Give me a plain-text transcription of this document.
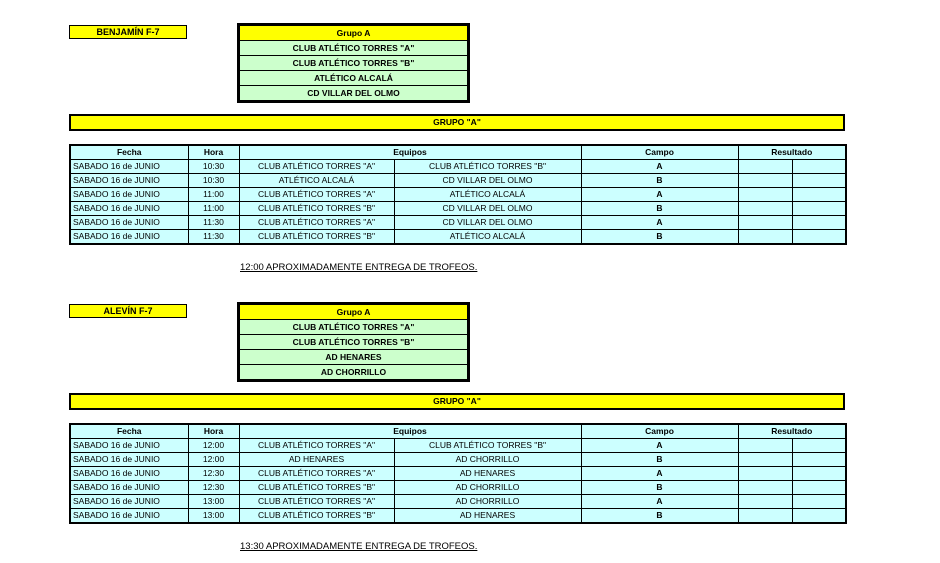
BENJAMÍN F-7	Grupo A
CLUB ATLÉTICO TORRES "A"
CLUB ATLÉTICO TORRES "B"
ATLÉTICO ALCALÁ
CD VILLAR DEL OLMO
GRUPO "A"
Fecha	Hora	Equipos		Campo	Resultado	
SABADO 16 de JUNIO	10:30	CLUB ATLÉTICO TORRES "A"	CLUB ATLÉTICO TORRES "B"	A		
SABADO 16 de JUNIO	10:30	ATLÉTICO ALCALÁ	CD VILLAR DEL OLMO	B		
SABADO 16 de JUNIO	11:00	CLUB ATLÉTICO TORRES "A"	ATLÉTICO ALCALÁ	A		
SABADO 16 de JUNIO	11:00	CLUB ATLÉTICO TORRES "B"	CD VILLAR DEL OLMO	B		
SABADO 16 de JUNIO	11:30	CLUB ATLÉTICO TORRES "A"	CD VILLAR DEL OLMO	A		
SABADO 16 de JUNIO	11:30	CLUB ATLÉTICO TORRES "B"	ATLÉTICO ALCALÁ	B		
12:00 APROXIMADAMENTE ENTREGA DE TROFEOS.
ALEVÍN F-7	Grupo A
CLUB ATLÉTICO TORRES "A"
CLUB ATLÉTICO TORRES "B"
AD HENARES
AD CHORRILLO
GRUPO "A"
Fecha	Hora	Equipos		Campo	Resultado	
SABADO 16 de JUNIO	12:00	CLUB ATLÉTICO TORRES "A"	CLUB ATLÉTICO TORRES "B"	A		
SABADO 16 de JUNIO	12:00	AD HENARES	AD CHORRILLO	B		
SABADO 16 de JUNIO	12:30	CLUB ATLÉTICO TORRES "A"	AD HENARES	A		
SABADO 16 de JUNIO	12:30	CLUB ATLÉTICO TORRES "B"	AD CHORRILLO	B		
SABADO 16 de JUNIO	13:00	CLUB ATLÉTICO TORRES "A"	AD CHORRILLO	A		
SABADO 16 de JUNIO	13:00	CLUB ATLÉTICO TORRES "B"	AD HENARES	B		
13:30 APROXIMADAMENTE ENTREGA DE TROFEOS.
